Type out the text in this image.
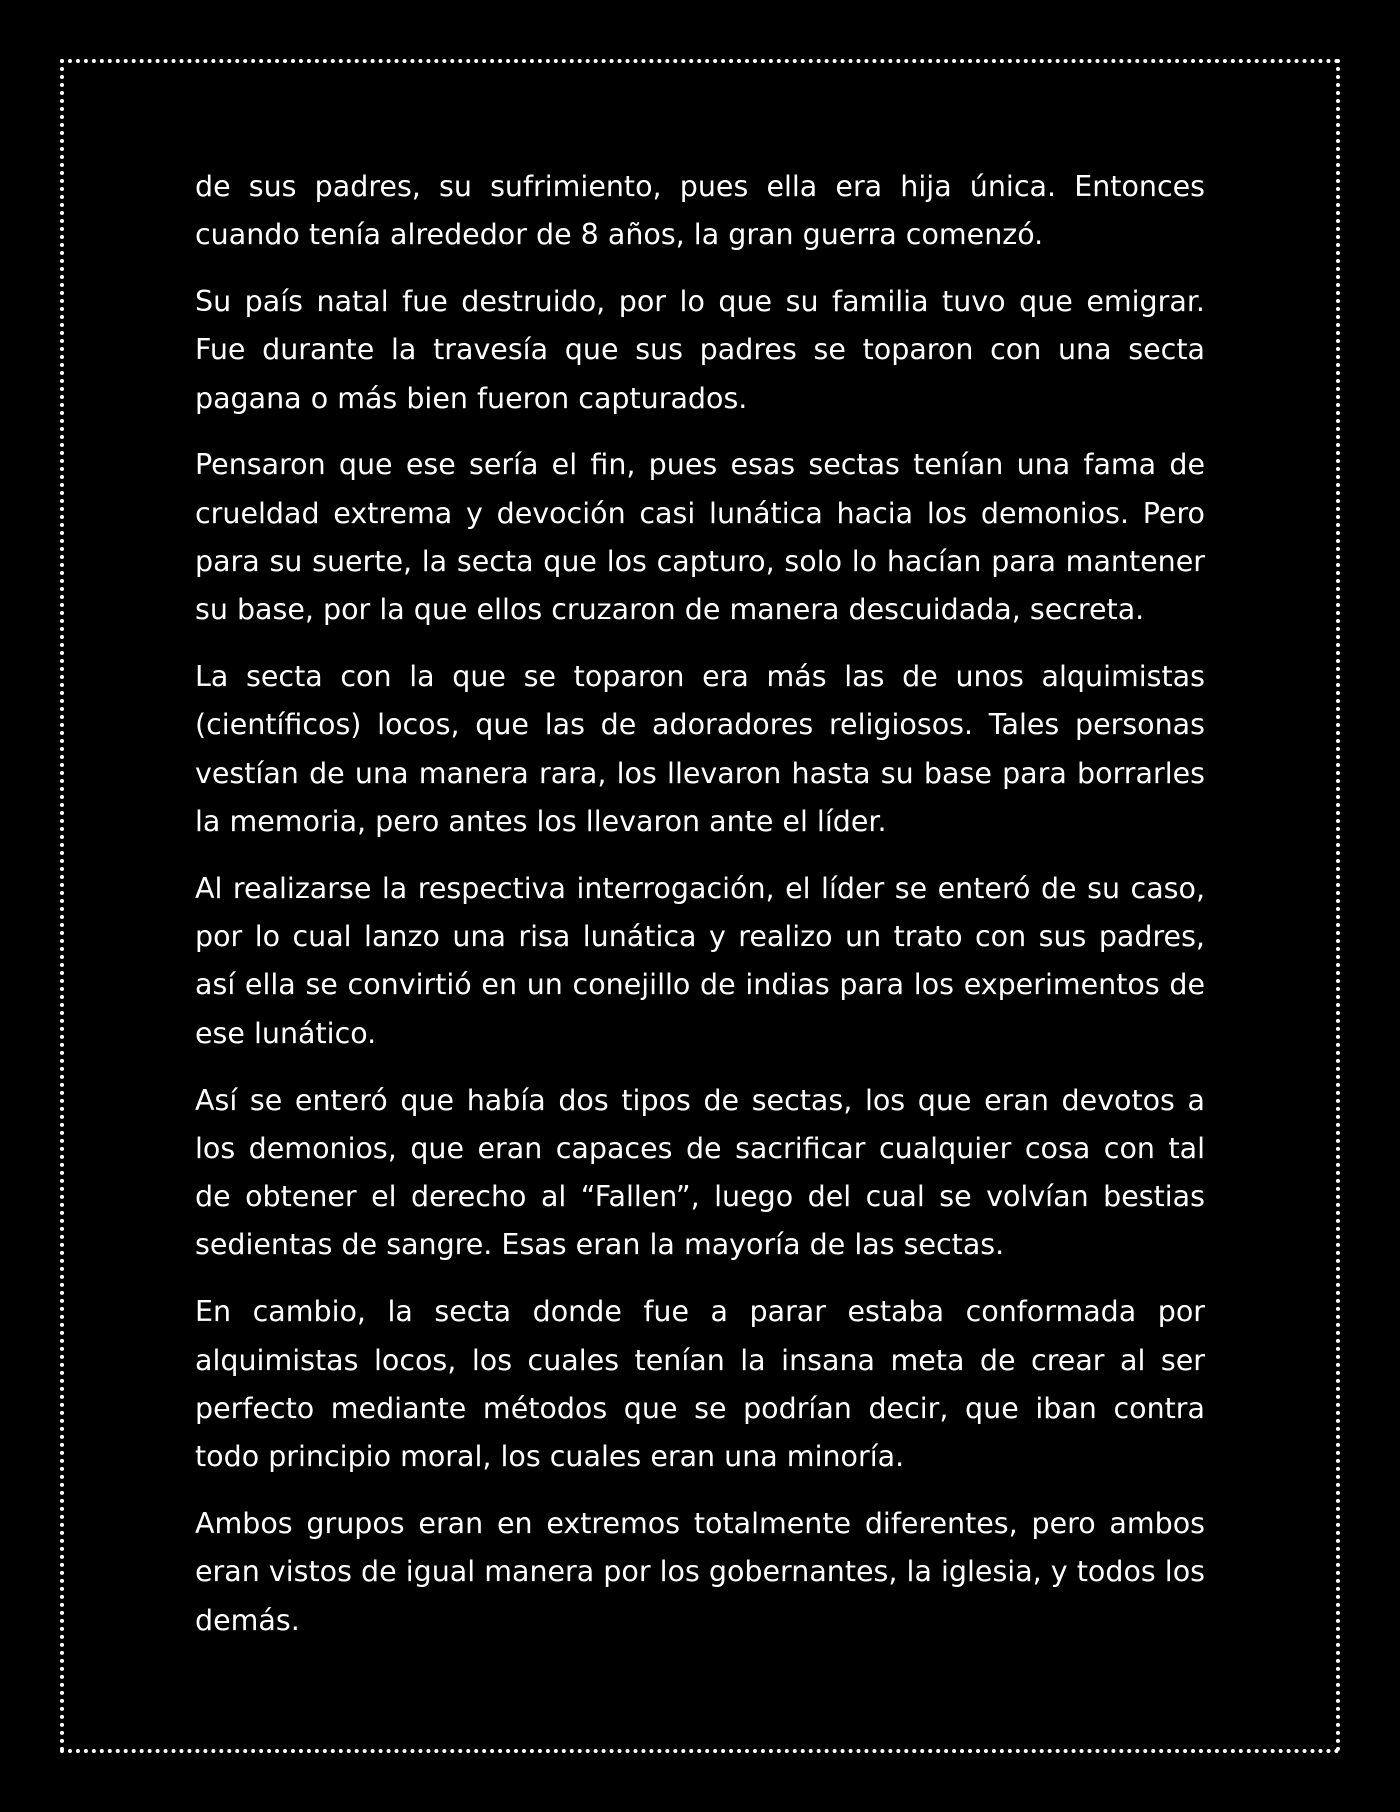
de sus padres, su sufrimiento, pues ella era hija única. Entonces cuando tenía alrededor de 8 años, la gran guerra comenzó.

Su país natal fue destruido, por lo que su familia tuvo que emigrar. Fue durante la travesía que sus padres se toparon con una secta pagana o más bien fueron capturados.

Pensaron que ese sería el fin, pues esas sectas tenían una fama de crueldad extrema y devoción casi lunática hacia los demonios. Pero para su suerte, la secta que los capturo, solo lo hacían para mantener su base, por la que ellos cruzaron de manera descuidada, secreta.

La secta con la que se toparon era más las de unos alquimistas (científicos) locos, que las de adoradores religiosos. Tales personas vestían de una manera rara, los llevaron hasta su base para borrarles la memoria, pero antes los llevaron ante el líder.

Al realizarse la respectiva interrogación, el líder se enteró de su caso, por lo cual lanzo una risa lunática y realizo un trato con sus padres, así ella se convirtió en un conejillo de indias para los experimentos de ese lunático.

Así se enteró que había dos tipos de sectas, los que eran devotos a los demonios, que eran capaces de sacrificar cualquier cosa con tal de obtener el derecho al “Fallen”, luego del cual se volvían bestias sedientas de sangre. Esas eran la mayoría de las sectas.

En cambio, la secta donde fue a parar estaba conformada por alquimistas locos, los cuales tenían la insana meta de crear al ser perfecto mediante métodos que se podrían decir, que iban contra todo principio moral, los cuales eran una minoría.

Ambos grupos eran en extremos totalmente diferentes, pero ambos eran vistos de igual manera por los gobernantes, la iglesia, y todos los demás.
